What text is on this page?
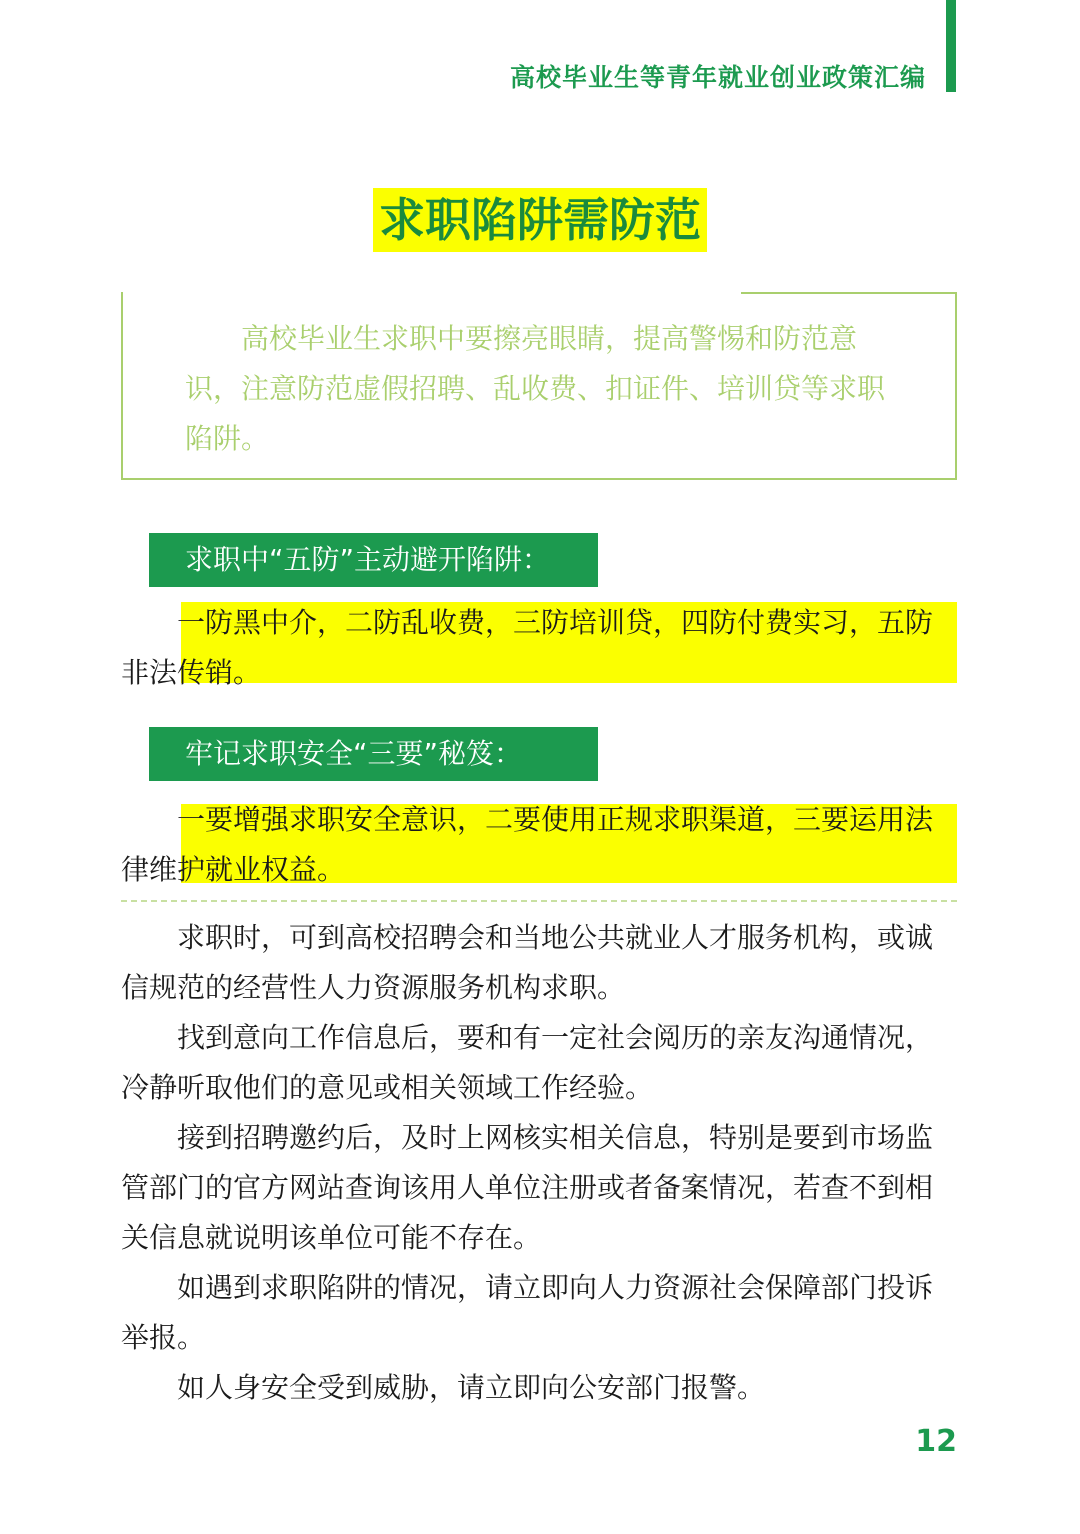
高校毕业生等青年就业创业政策汇编
求职陷阱需防范

高校毕业生求职中要擦亮眼睛，提高警惕和防范意识，注意防范虚假招聘、乱收费、扣证件、培训贷等求职陷阱。

求职中“五防”主动避开陷阱：

一防黑中介，二防乱收费，三防培训贷，四防付费实习，五防非法传销。

牢记求职安全“三要”秘笈：

一要增强求职安全意识，二要使用正规求职渠道，三要运用法律维护就业权益。

求职时，可到高校招聘会和当地公共就业人才服务机构，或诚信规范的经营性人力资源服务机构求职。

找到意向工作信息后，要和有一定社会阅历的亲友沟通情况，冷静听取他们的意见或相关领域工作经验。

接到招聘邀约后，及时上网核实相关信息，特别是要到市场监管部门的官方网站查询该用人单位注册或者备案情况，若查不到相关信息就说明该单位可能不存在。

如遇到求职陷阱的情况，请立即向人力资源社会保障部门投诉举报。

如人身安全受到威胁，请立即向公安部门报警。

12
